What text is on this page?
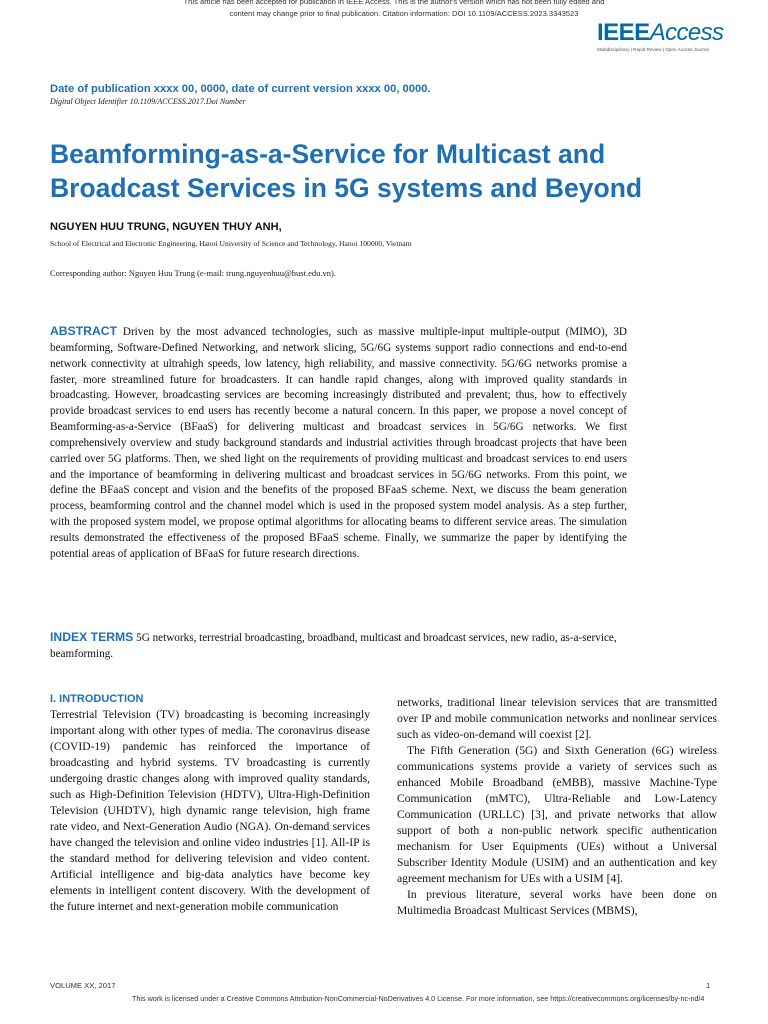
This article has been accepted for publication in IEEE Access. This is the author's version which has not been fully edited and
content may change prior to final publication. Citation information: DOI 10.1109/ACCESS.2023.3343523
IEEEAccess
Multidisciplinary | Rapid Review | Open Access Journal
Date of publication xxxx 00, 0000, date of current version xxxx 00, 0000.
Digital Object Identifier 10.1109/ACCESS.2017.Doi Number
Beamforming-as-a-Service for Multicast and Broadcast Services in 5G systems and Beyond
NGUYEN HUU TRUNG, NGUYEN THUY ANH,
School of Electrical and Electronic Engineering, Hanoi University of Science and Technology, Hanoi 100000, Vietnam
Corresponding author: Nguyen Huu Trung (e-mail: trung.nguyenhuu@hust.edu.vn).

ABSTRACT Driven by the most advanced technologies, such as massive multiple-input multiple-output (MIMO), 3D beamforming, Software-Defined Networking, and network slicing, 5G/6G systems support radio connections and end-to-end network connectivity at ultrahigh speeds, low latency, high reliability, and massive connectivity. 5G/6G networks promise a faster, more streamlined future for broadcasters. It can handle rapid changes, along with improved quality standards in broadcasting. However, broadcasting services are becoming increasingly distributed and prevalent; thus, how to effectively provide broadcast services to end users has recently become a natural concern. In this paper, we propose a novel concept of Beamforming-as-a-Service (BFaaS) for delivering multicast and broadcast services in 5G/6G networks. We first comprehensively overview and study background standards and industrial activities through broadcast projects that have been carried over 5G platforms. Then, we shed light on the requirements of providing multicast and broadcast services to end users and the importance of beamforming in delivering multicast and broadcast services in 5G/6G networks. From this point, we define the BFaaS concept and vision and the benefits of the proposed BFaaS scheme. Next, we discuss the beam generation process, beamforming control and the channel model which is used in the proposed system model analysis. As a step further, with the proposed system model, we propose optimal algorithms for allocating beams to different service areas. The simulation results demonstrated the effectiveness of the proposed BFaaS scheme. Finally, we summarize the paper by identifying the potential areas of application of BFaaS for future research directions.

INDEX TERMS 5G networks, terrestrial broadcasting, broadband, multicast and broadcast services, new radio, as-a-service, beamforming.

I. INTRODUCTION

Terrestrial Television (TV) broadcasting is becoming increasingly important along with other types of media. The coronavirus disease (COVID-19) pandemic has reinforced the importance of broadcasting and hybrid systems. TV broadcasting is currently undergoing drastic changes along with improved quality standards, such as High-Definition Television (HDTV), Ultra-High-Definition Television (UHDTV), high dynamic range television, high frame rate video, and Next-Generation Audio (NGA). On-demand services have changed the television and online video industries [1]. All-IP is the standard method for delivering television and video content. Artificial intelligence and big-data analytics have become key elements in intelligent content discovery. With the development of the future internet and next-generation mobile communication

networks, traditional linear television services that are transmitted over IP and mobile communication networks and nonlinear services such as video-on-demand will coexist [2].

The Fifth Generation (5G) and Sixth Generation (6G) wireless communications systems provide a variety of services such as enhanced Mobile Broadband (eMBB), massive Machine-Type Communication (mMTC), Ultra-Reliable and Low-Latency Communication (URLLC) [3], and private networks that allow support of both a non-public network specific authentication mechanism for User Equipments (UEs) without a Universal Subscriber Identity Module (USIM) and an authentication and key agreement mechanism for UEs with a USIM [4].

In previous literature, several works have been done on Multimedia Broadcast Multicast Services (MBMS),

VOLUME XX, 2017	1
This work is licensed under a Creative Commons Attribution-NonCommercial-NoDerivatives 4.0 License. For more information, see https://creativecommons.org/licenses/by-nc-nd/4
